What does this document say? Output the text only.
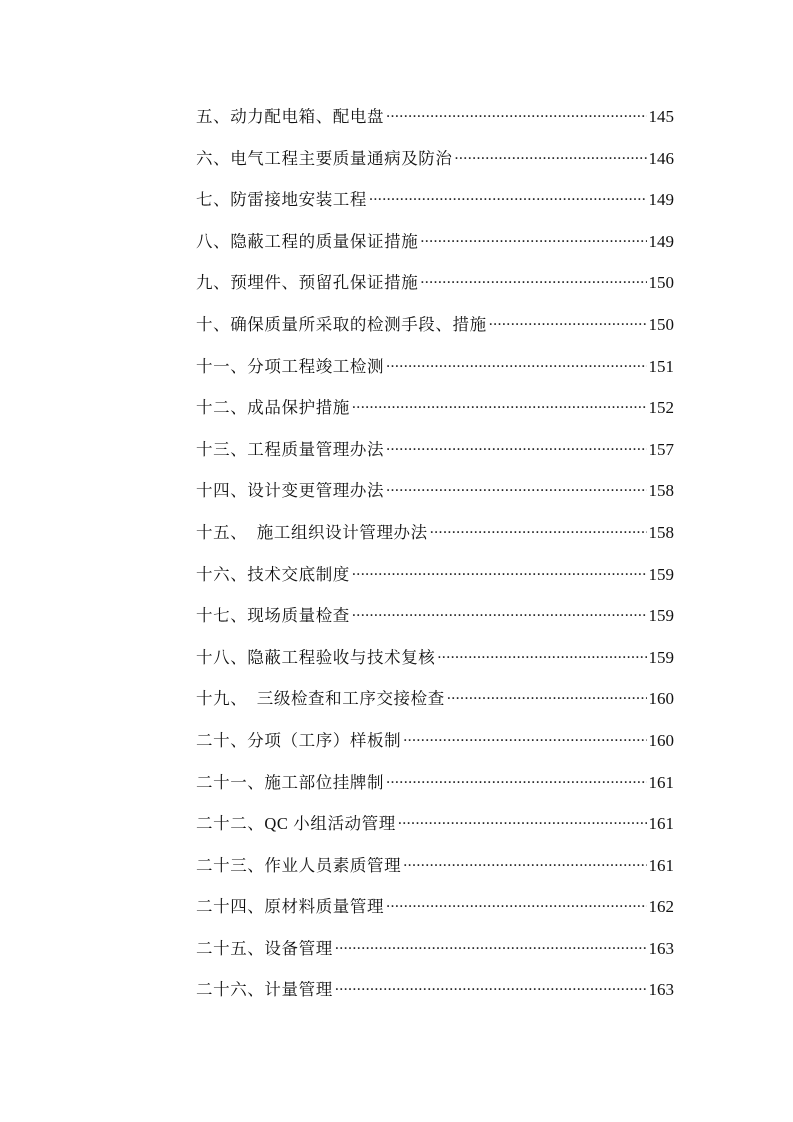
五、动力配电箱、配电盘 .....	145
六、电气工程主要质量通病及防治 .....	146
七、防雷接地安装工程 .....	149
八、隐蔽工程的质量保证措施 .....	149
九、预埋件、预留孔保证措施 .....	150
十、确保质量所采取的检测手段、措施 .....	150
十一、分项工程竣工检测 .....	151
十二、成品保护措施 .....	152
十三、工程质量管理办法 .....	157
十四、设计变更管理办法 .....	158
十五、  施工组织设计管理办法 .....	158
十六、技术交底制度 .....	159
十七、现场质量检查 .....	159
十八、隐蔽工程验收与技术复核 .....	159
十九、  三级检查和工序交接检查 .....	160
二十、分项（工序）样板制 .....	160
二十一、施工部位挂牌制 .....	161
二十二、QC 小组活动管理 .....	161
二十三、作业人员素质管理 .....	161
二十四、原材料质量管理 .....	162
二十五、设备管理 .....	163
二十六、计量管理 .....	163
